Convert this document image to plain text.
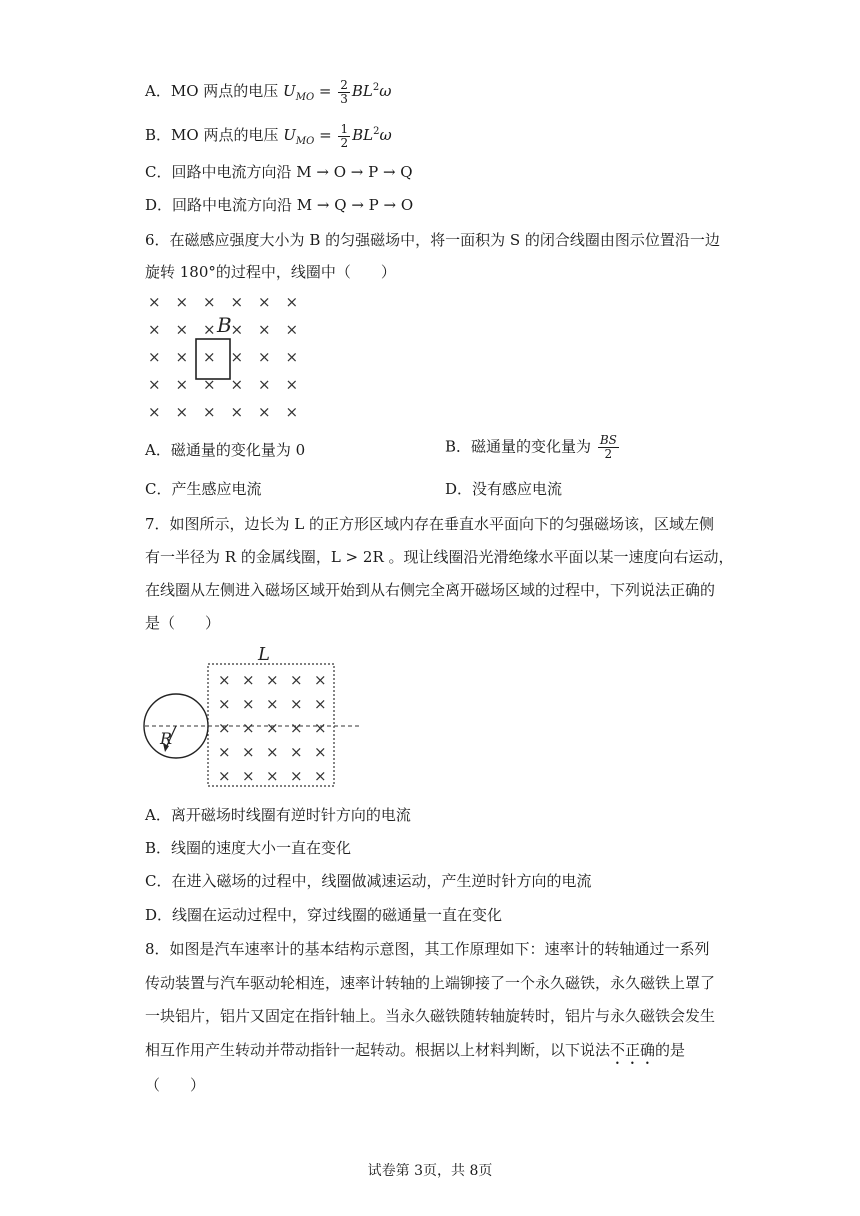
A．MO 两点的电压 $U_{MO} = \frac{2}{3} BL^2\omega$
B．MO 两点的电压 $U_{MO} = \frac{1}{2} BL^2\omega$
C．回路中电流方向沿 M → O → P → Q
D．回路中电流方向沿 M → Q → P → O
6．在磁感应强度大小为 B 的匀强磁场中，将一面积为 S 的闭合线圈由图示位置沿一边
旋转 180°的过程中，线圈中（　　）
× × × × × ×
× × × × × ×
× × × × × ×
× × × × × ×
× × × × × ×
B
A．磁通量的变化量为 0	B．磁通量的变化量为 $\frac{BS}{2}$
C．产生感应电流	D．没有感应电流
7．如图所示，边长为 L 的正方形区域内存在垂直水平面向下的匀强磁场该，区域左侧
有一半径为 R 的金属线圈，L > 2R 。现让线圈沿光滑绝缘水平面以某一速度向右运动，
在线圈从左侧进入磁场区域开始到从右侧完全离开磁场区域的过程中，下列说法正确的
是（　　）
× × × × ×
× × × × ×
× × × × ×
× × × × ×
× × × × ×
R
L
A．离开磁场时线圈有逆时针方向的电流
B．线圈的速度大小一直在变化
C．在进入磁场的过程中，线圈做减速运动，产生逆时针方向的电流
D．线圈在运动过程中，穿过线圈的磁通量一直在变化
8．如图是汽车速率计的基本结构示意图，其工作原理如下：速率计的转轴通过一系列
传动装置与汽车驱动轮相连，速率计转轴的上端铆接了一个永久磁铁，永久磁铁上罩了
一块铝片，铝片又固定在指针轴上。当永久磁铁随转轴旋转时，铝片与永久磁铁会发生
相互作用产生转动并带动指针一起转动。根据以上材料判断，以下说法不正确的是
（　　）
试卷第 3页，共 8页
